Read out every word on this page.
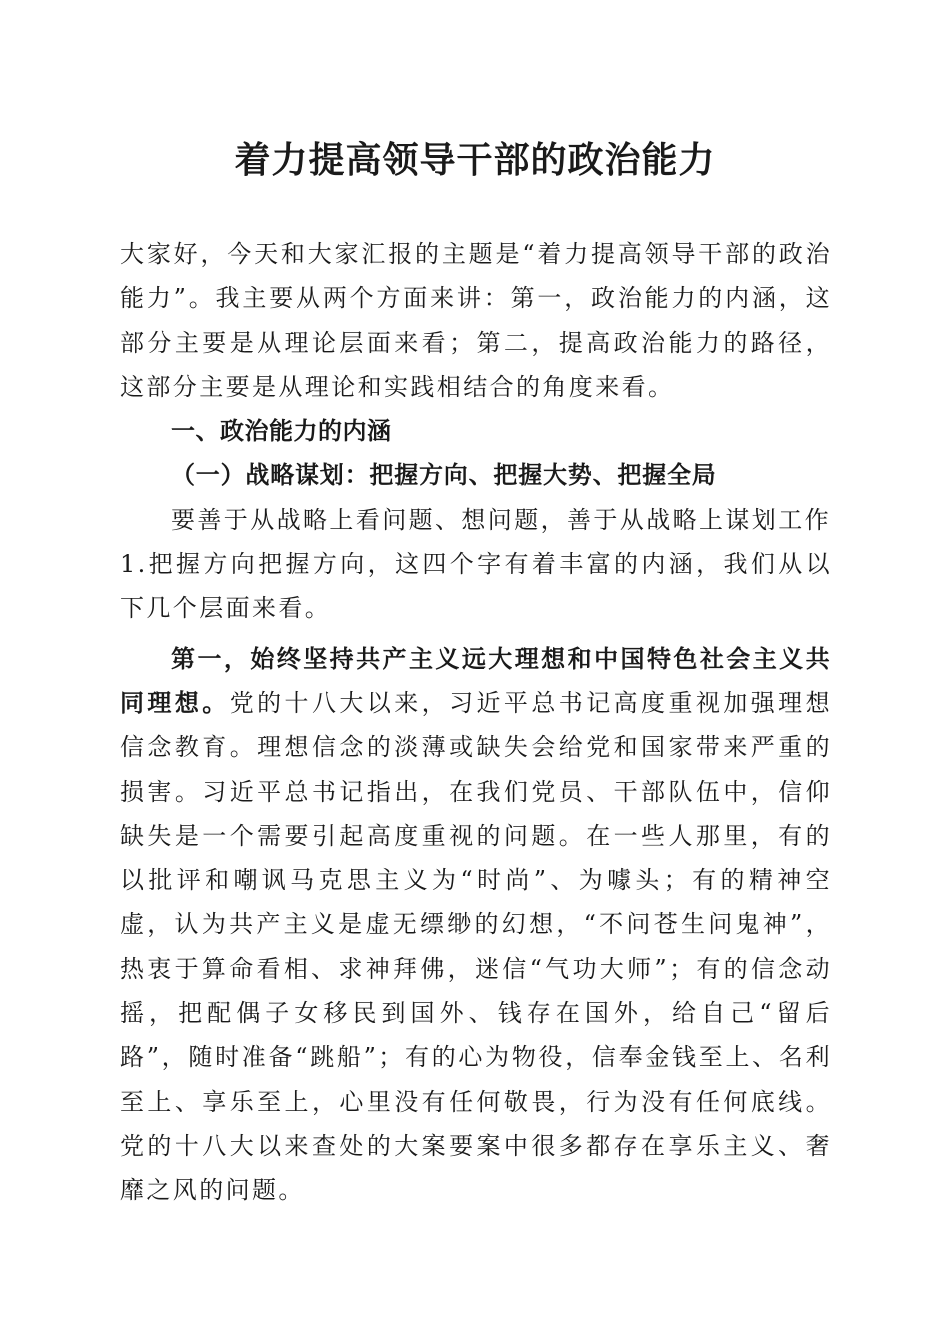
着力提高领导干部的政治能力

大家好，今天和大家汇报的主题是“着力提高领导干部的政治能力”。我主要从两个方面来讲：第一，政治能力的内涵，这部分主要是从理论层面来看；第二，提高政治能力的路径，这部分主要是从理论和实践相结合的角度来看。

一、政治能力的内涵

（一）战略谋划：把握方向、把握大势、把握全局

要善于从战略上看问题、想问题，善于从战略上谋划工作

1.把握方向把握方向，这四个字有着丰富的内涵，我们从以下几个层面来看。

第一，始终坚持共产主义远大理想和中国特色社会主义共同理想。党的十八大以来，习近平总书记高度重视加强理想信念教育。理想信念的淡薄或缺失会给党和国家带来严重的损害。习近平总书记指出，在我们党员、干部队伍中，信仰缺失是一个需要引起高度重视的问题。在一些人那里，有的以批评和嘲讽马克思主义为“时尚”、为噱头；有的精神空虚，认为共产主义是虚无缥缈的幻想，“不问苍生问鬼神”，热衷于算命看相、求神拜佛，迷信“气功大师”；有的信念动摇，把配偶子女移民到国外、钱存在国外，给自己“留后路”，随时准备“跳船”；有的心为物役，信奉金钱至上、名利至上、享乐至上，心里没有任何敬畏，行为没有任何底线。党的十八大以来查处的大案要案中很多都存在享乐主义、奢靡之风的问题。
